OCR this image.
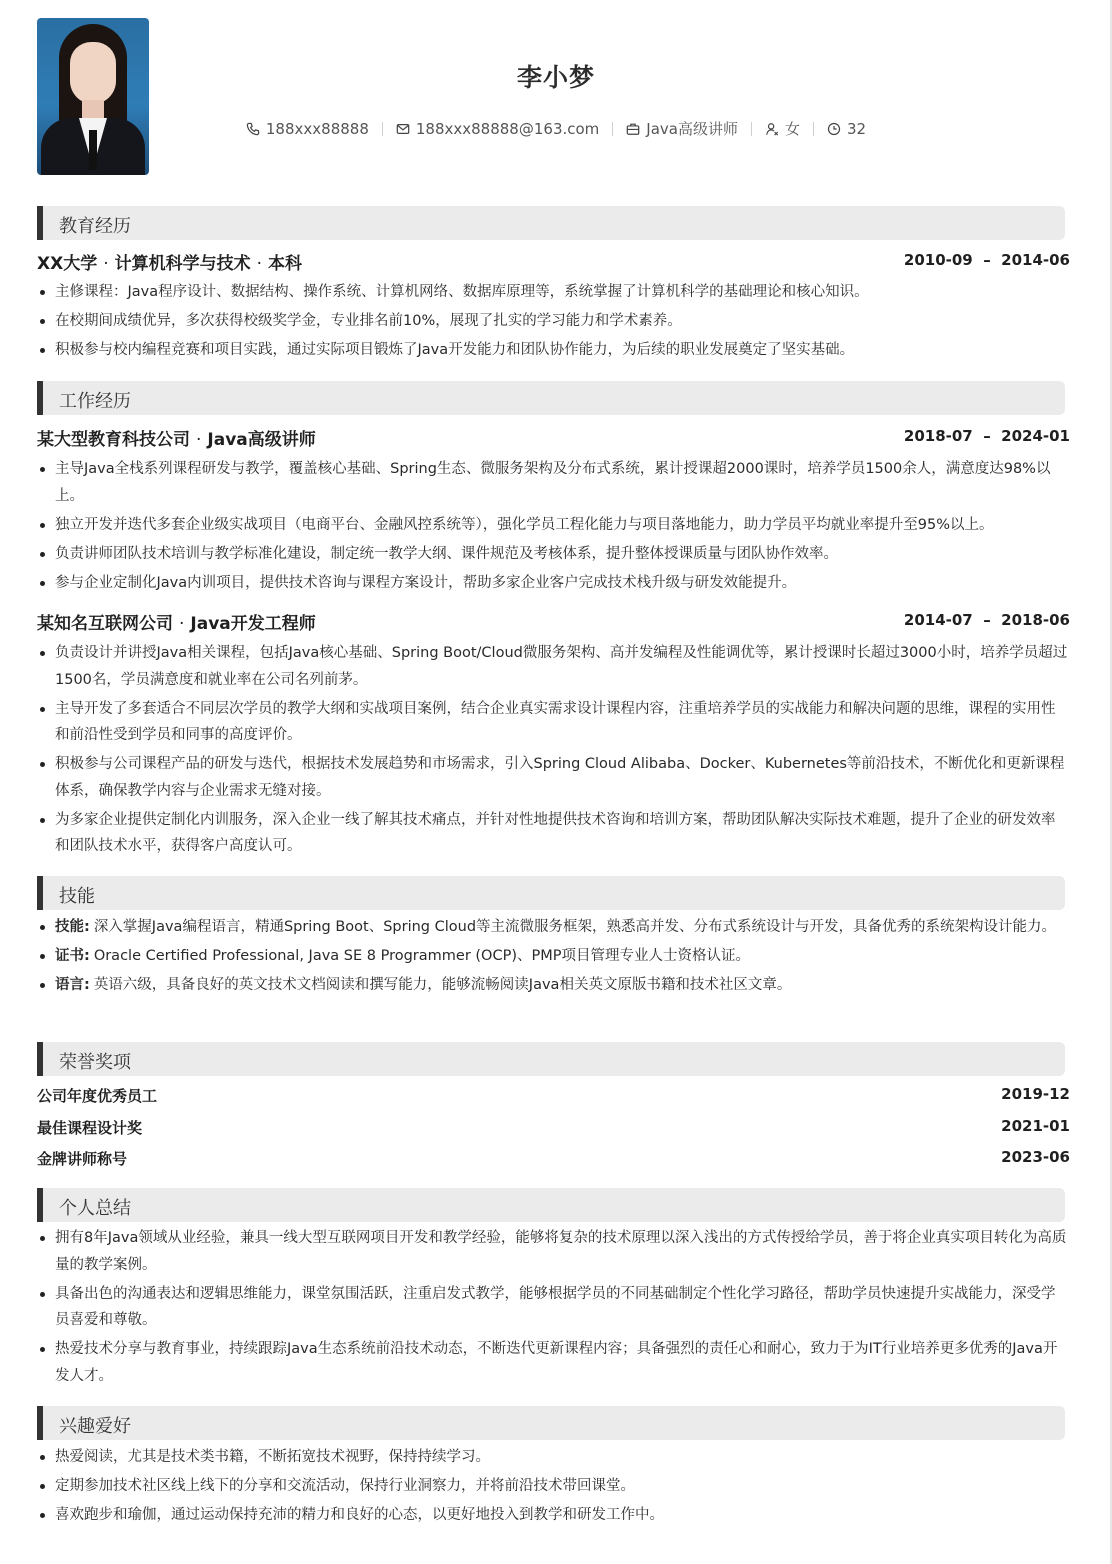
李小梦
188xxx88888	188xxx88888@163.com	Java高级讲师	女	32
教育经历
XX大学 · 计算机科学与技术 · 本科	2010-09  –  2014-06
主修课程：Java程序设计、数据结构、操作系统、计算机网络、数据库原理等，系统掌握了计算机科学的基础理论和核心知识。
在校期间成绩优异，多次获得校级奖学金，专业排名前10%，展现了扎实的学习能力和学术素养。
积极参与校内编程竞赛和项目实践，通过实际项目锻炼了Java开发能力和团队协作能力，为后续的职业发展奠定了坚实基础。
工作经历
某大型教育科技公司 · Java高级讲师	2018-07  –  2024-01
主导Java全栈系列课程研发与教学，覆盖核心基础、Spring生态、微服务架构及分布式系统，累计授课超2000课时，培养学员1500余人，满意度达98%以上。
独立开发并迭代多套企业级实战项目（电商平台、金融风控系统等），强化学员工程化能力与项目落地能力，助力学员平均就业率提升至95%以上。
负责讲师团队技术培训与教学标准化建设，制定统一教学大纲、课件规范及考核体系，提升整体授课质量与团队协作效率。
参与企业定制化Java内训项目，提供技术咨询与课程方案设计，帮助多家企业客户完成技术栈升级与研发效能提升。
某知名互联网公司 · Java开发工程师	2014-07  –  2018-06
负责设计并讲授Java相关课程，包括Java核心基础、Spring Boot/Cloud微服务架构、高并发编程及性能调优等，累计授课时长超过3000小时，培养学员超过1500名，学员满意度和就业率在公司名列前茅。
主导开发了多套适合不同层次学员的教学大纲和实战项目案例，结合企业真实需求设计课程内容，注重培养学员的实战能力和解决问题的思维，课程的实用性和前沿性受到学员和同事的高度评价。
积极参与公司课程产品的研发与迭代，根据技术发展趋势和市场需求，引入Spring Cloud Alibaba、Docker、Kubernetes等前沿技术，不断优化和更新课程体系，确保教学内容与企业需求无缝对接。
为多家企业提供定制化内训服务，深入企业一线了解其技术痛点，并针对性地提供技术咨询和培训方案，帮助团队解决实际技术难题，提升了企业的研发效率和团队技术水平，获得客户高度认可。
技能
技能: 深入掌握Java编程语言，精通Spring Boot、Spring Cloud等主流微服务框架，熟悉高并发、分布式系统设计与开发，具备优秀的系统架构设计能力。
证书: Oracle Certified Professional, Java SE 8 Programmer (OCP)、PMP项目管理专业人士资格认证。
语言: 英语六级，具备良好的英文技术文档阅读和撰写能力，能够流畅阅读Java相关英文原版书籍和技术社区文章。
荣誉奖项
公司年度优秀员工	2019-12
最佳课程设计奖	2021-01
金牌讲师称号	2023-06
个人总结
拥有8年Java领域从业经验，兼具一线大型互联网项目开发和教学经验，能够将复杂的技术原理以深入浅出的方式传授给学员，善于将企业真实项目转化为高质量的教学案例。
具备出色的沟通表达和逻辑思维能力，课堂氛围活跃，注重启发式教学，能够根据学员的不同基础制定个性化学习路径，帮助学员快速提升实战能力，深受学员喜爱和尊敬。
热爱技术分享与教育事业，持续跟踪Java生态系统前沿技术动态，不断迭代更新课程内容；具备强烈的责任心和耐心，致力于为IT行业培养更多优秀的Java开发人才。
兴趣爱好
热爱阅读，尤其是技术类书籍，不断拓宽技术视野，保持持续学习。
定期参加技术社区线上线下的分享和交流活动，保持行业洞察力，并将前沿技术带回课堂。
喜欢跑步和瑜伽，通过运动保持充沛的精力和良好的心态，以更好地投入到教学和研发工作中。
